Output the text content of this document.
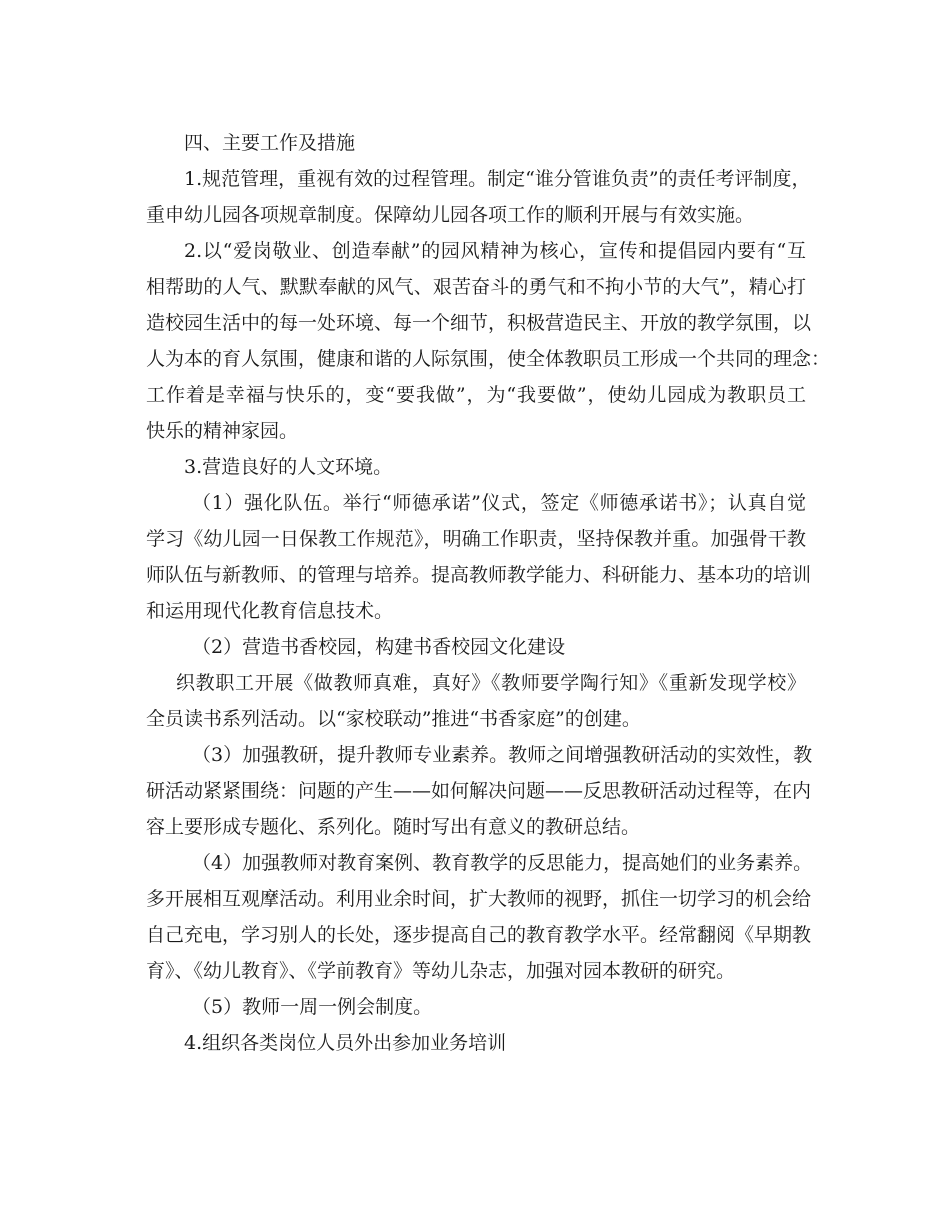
四、主要工作及措施
1.规范管理，重视有效的过程管理。制定“谁分管谁负责”的责任考评制度，
重申幼儿园各项规章制度。保障幼儿园各项工作的顺利开展与有效实施。
2.以“爱岗敬业、创造奉献”的园风精神为核心，宣传和提倡园内要有“互
相帮助的人气、默默奉献的风气、艰苦奋斗的勇气和不拘小节的大气”，精心打
造校园生活中的每一处环境、每一个细节，积极营造民主、开放的教学氛围，以
人为本的育人氛围，健康和谐的人际氛围，使全体教职员工形成一个共同的理念：
工作着是幸福与快乐的，变“要我做”，为“我要做”，使幼儿园成为教职员工
快乐的精神家园。
3.营造良好的人文环境。
（1）强化队伍。举行“师德承诺”仪式，签定《师德承诺书》；认真自觉
学习《幼儿园一日保教工作规范》，明确工作职责，坚持保教并重。加强骨干教
师队伍与新教师、的管理与培养。提高教师教学能力、科研能力、基本功的培训
和运用现代化教育信息技术。
（2）营造书香校园，构建书香校园文化建设
织教职工开展《做教师真难，真好》《教师要学陶行知》《重新发现学校》
全员读书系列活动。以“家校联动”推进“书香家庭”的创建。
（3）加强教研，提升教师专业素养。教师之间增强教研活动的实效性，教
研活动紧紧围绕：问题的产生——如何解决问题——反思教研活动过程等，在内
容上要形成专题化、系列化。随时写出有意义的教研总结。
（4）加强教师对教育案例、教育教学的反思能力，提高她们的业务素养。
多开展相互观摩活动。利用业余时间，扩大教师的视野，抓住一切学习的机会给
自己充电，学习别人的长处，逐步提高自己的教育教学水平。经常翻阅《早期教
育》、《幼儿教育》、《学前教育》等幼儿杂志，加强对园本教研的研究。
（5）教师一周一例会制度。
4.组织各类岗位人员外出参加业务培训
